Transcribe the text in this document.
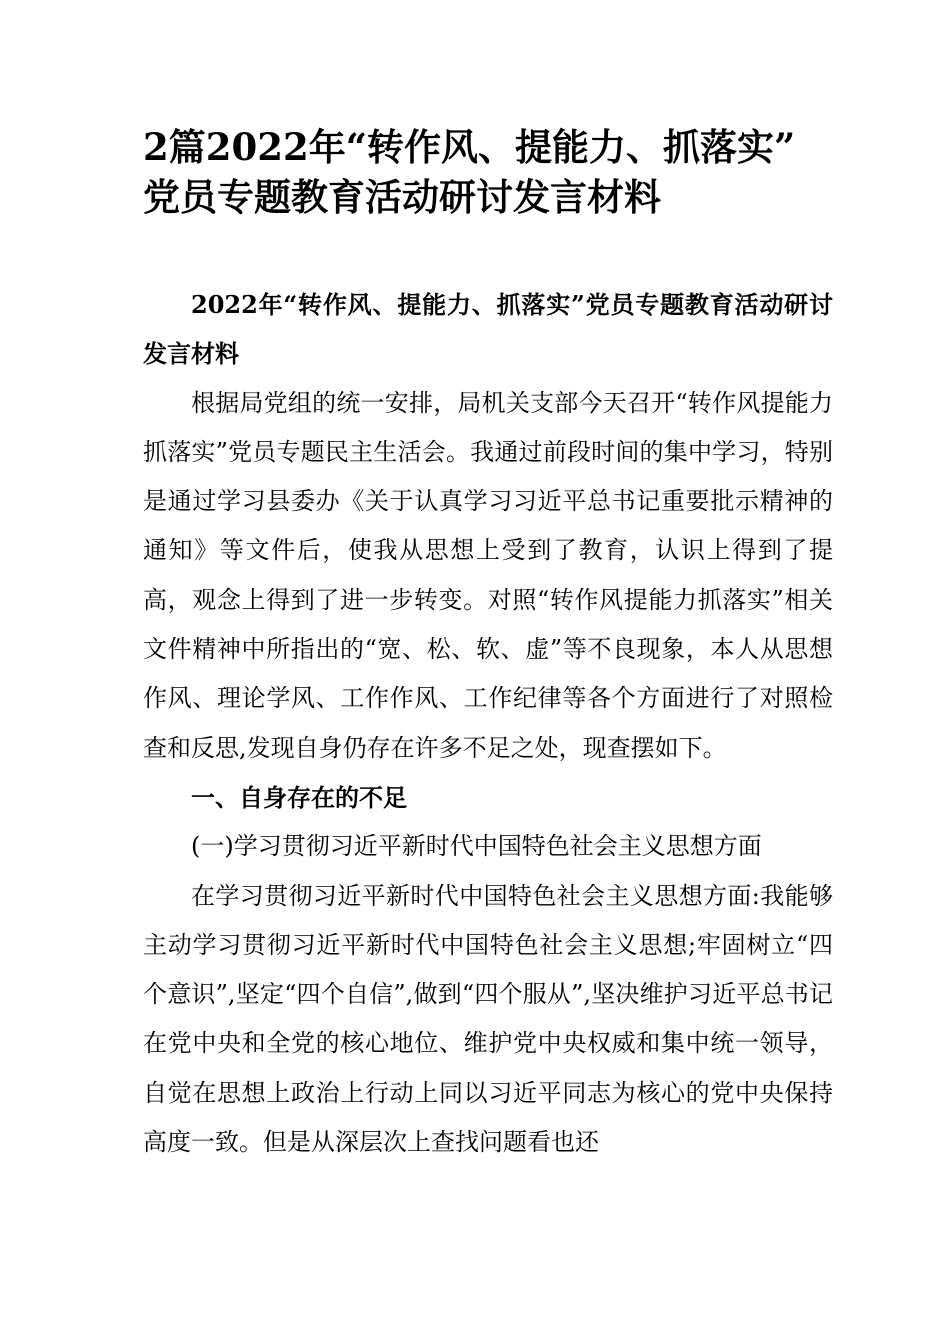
2篇2022年“转作风、提能力、抓落实”
党员专题教育活动研讨发言材料

2022年“转作风、提能力、抓落实”党员专题教育活动研讨发言材料

根据局党组的统一安排，局机关支部今天召开“转作风提能力抓落实”党员专题民主生活会。我通过前段时间的集中学习，特别是通过学习县委办《关于认真学习习近平总书记重要批示精神的通知》等文件后，使我从思想上受到了教育，认识上得到了提高，观念上得到了进一步转变。对照“转作风提能力抓落实”相关文件精神中所指出的“宽、松、软、虚”等不良现象，本人从思想作风、理论学风、工作作风、工作纪律等各个方面进行了对照检查和反思,发现自身仍存在许多不足之处，现查摆如下。

一、自身存在的不足

(一)学习贯彻习近平新时代中国特色社会主义思想方面

在学习贯彻习近平新时代中国特色社会主义思想方面:我能够主动学习贯彻习近平新时代中国特色社会主义思想;牢固树立“四个意识”,坚定“四个自信”,做到“四个服从”,坚决维护习近平总书记在党中央和全党的核心地位、维护党中央权威和集中统一领导，自觉在思想上政治上行动上同以习近平同志为核心的党中央保持高度一致。但是从深层次上查找问题看也还
